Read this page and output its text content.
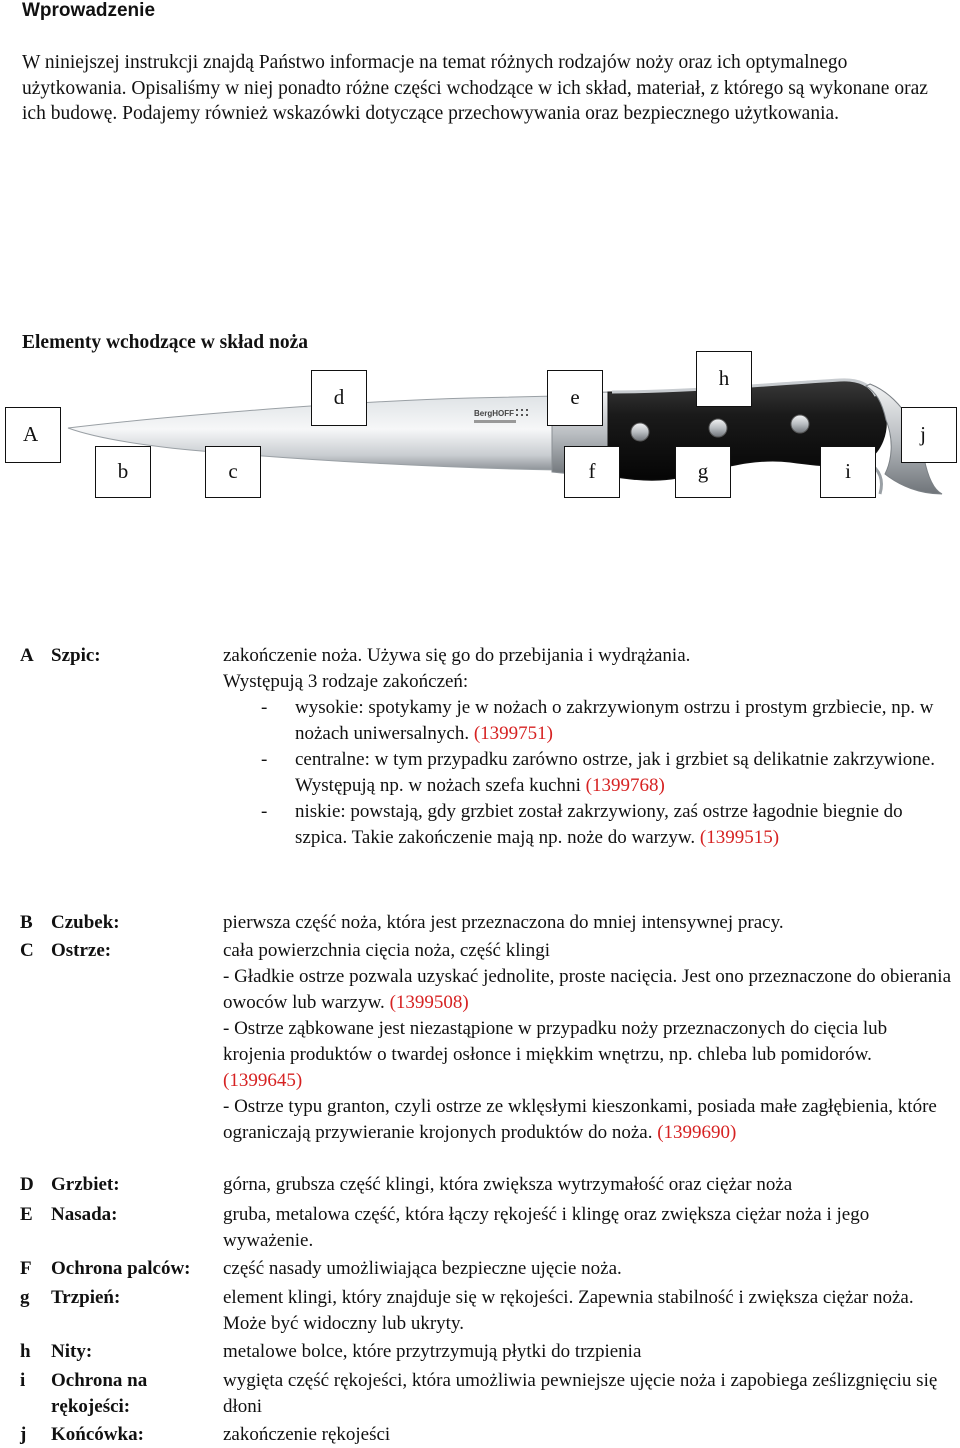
Wprowadzenie
W niniejszej instrukcji znajdą Państwo informacje na temat różnych rodzajów noży oraz ich optymalnego użytkowania. Opisaliśmy w niej ponadto różne części wchodzące w ich skład, materiał, z którego są wykonane oraz ich budowę. Podajemy również wskazówki dotyczące przechowywania oraz bezpiecznego użytkowania.
Elementy wchodzące w skład noża
BergHOFF
A
b	c
d	e
f	g
h
i
j
A Szpic:	zakończenie noża. Używa się go do przebijania i wydrążania.

Występują 3 rodzaje zakończeń:

- wysokie: spotykamy je w nożach o zakrzywionym ostrzu i prostym grzbiecie, np. w nożach uniwersalnych. (1399751)
- centralne: w tym przypadku zarówno ostrze, jak i grzbiet są delikatnie zakrzywione. Występują np. w nożach szefa kuchni (1399768)
- niskie: powstają, gdy grzbiet został zakrzywiony, zaś ostrze łagodnie biegnie do szpica. Takie zakończenie mają np. noże do warzyw. (1399515)
B Czubek:	pierwsza część noża, która jest przeznaczona do mniej intensywnej pracy.
C Ostrze:	cała powierzchnia cięcia noża, część klingi

- Gładkie ostrze pozwala uzyskać jednolite, proste nacięcia. Jest ono przeznaczone do obierania owoców lub warzyw. (1399508)

- Ostrze ząbkowane jest niezastąpione w przypadku noży przeznaczonych do cięcia lub krojenia produktów o twardej osłonce i miękkim wnętrzu, np. chleba lub pomidorów. (1399645)

- Ostrze typu granton, czyli ostrze ze wklęsłymi kieszonkami, posiada małe zagłębienia, które ograniczają przywieranie krojonych produktów do noża. (1399690)

D Grzbiet:	górna, grubsza część klingi, która zwiększa wytrzymałość oraz ciężar noża
E Nasada:	gruba, metalowa część, która łączy rękojeść i klingę oraz zwiększa ciężar noża i jego wyważenie.
F	Ochrona palców:	część nasady umożliwiająca bezpieczne ujęcie noża.
g	Trzpień:	element klingi, który znajduje się w rękojeści. Zapewnia stabilność i zwiększa ciężar noża. Może być widoczny lub ukryty.
h	Nity:	metalowe bolce, które przytrzymują płytki do trzpienia
i	Ochrona na rękojeści:
wygięta część rękojeści, która umożliwia pewniejsze ujęcie noża i zapobiega ześlizgnięciu się dłoni
j	Końcówka:	zakończenie rękojeści
